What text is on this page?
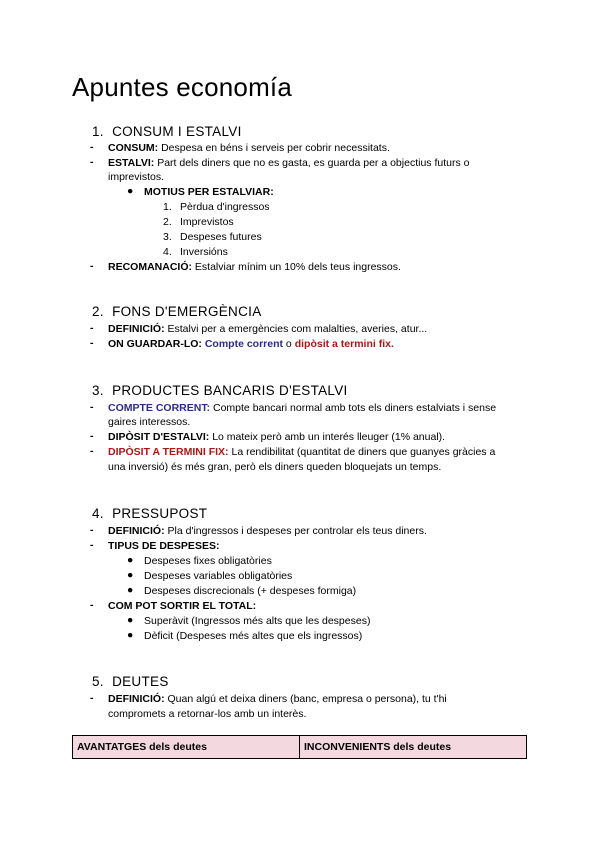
Apuntes economía
1. CONSUM I ESTALVI
- CONSUM: Despesa en béns i serveis per cobrir necessitats.
- ESTALVI: Part dels diners que no es gasta, es guarda per a objectius futurs o
imprevistos.
● MOTIUS PER ESTALVIAR:
1. Pèrdua d'ingressos
2. Imprevistos
3. Despeses futures
4. Inversións
- RECOMANACIÓ: Estalviar mínim un 10% dels teus ingressos.
2. FONS D'EMERGÈNCIA
- DEFINICIÓ: Estalvi per a emergències com malalties, averies, atur...
- ON GUARDAR-LO: Compte corrent o dipòsit a termini fix.
3. PRODUCTES BANCARIS D'ESTALVI
- COMPTE CORRENT: Compte bancari normal amb tots els diners estalviats i sense
gaires interessos.
- DIPÒSIT D'ESTALVI: Lo mateix però amb un interés lleuger (1% anual).
- DIPÒSIT A TERMINI FIX: La rendibilitat (quantitat de diners que guanyes gràcies a
una inversió) és més gran, però els diners queden bloquejats un temps.
4. PRESSUPOST
- DEFINICIÓ: Pla d'ingressos i despeses per controlar els teus diners.
- TIPUS DE DESPESES:
● Despeses fixes obligatòries
● Despeses variables obligatòries
● Despeses discrecionals (+ despeses formiga)
- COM POT SORTIR EL TOTAL:
● Superàvit (Ingressos més alts que les despeses)
● Dèficit (Despeses més altes que els ingressos)
5. DEUTES
- DEFINICIÓ: Quan algú et deixa diners (banc, empresa o persona), tu t'hi
compromets a retornar-los amb un interès.
AVANTATGES dels deutes	INCONVENIENTS dels deutes
